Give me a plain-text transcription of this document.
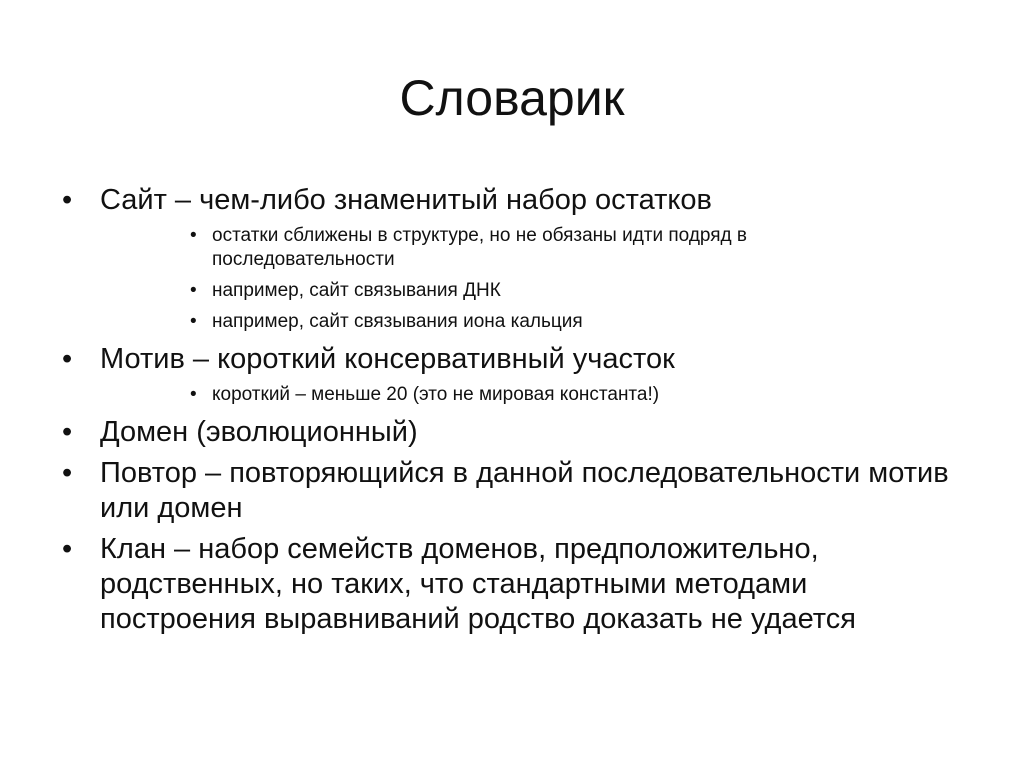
Словарик
• Сайт – чем-либо знаменитый набор остатков
• остатки сближены в структуре, но не обязаны идти подряд в последовательности
• например, сайт связывания ДНК
• например, сайт связывания иона кальция
• Мотив – короткий консервативный участок
• короткий – меньше 20 (это не мировая константа!)
• Домен (эволюционный)
• Повтор – повторяющийся в данной последовательности мотив или домен
• Клан – набор семейств доменов, предположительно, родственных, но таких, что стандартными методами построения выравниваний родство доказать не удается
